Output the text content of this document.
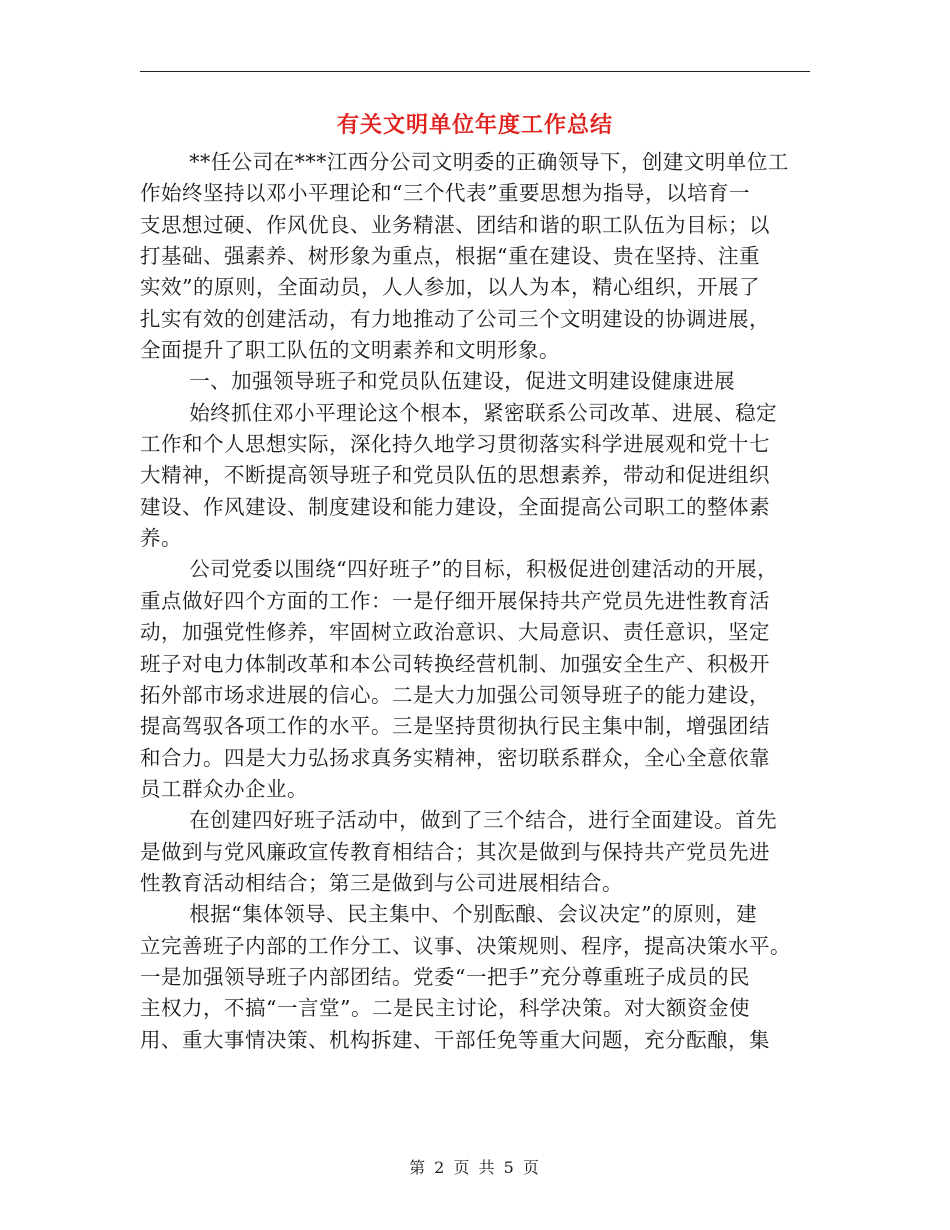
有关文明单位年度工作总结
**任公司在***江西分公司文明委的正确领导下，创建文明单位工
作始终坚持以邓小平理论和“三个代表”重要思想为指导，以培育一
支思想过硬、作风优良、业务精湛、团结和谐的职工队伍为目标；以
打基础、强素养、树形象为重点，根据“重在建设、贵在坚持、注重
实效”的原则，全面动员，人人参加，以人为本，精心组织，开展了
扎实有效的创建活动，有力地推动了公司三个文明建设的协调进展，
全面提升了职工队伍的文明素养和文明形象。
一、加强领导班子和党员队伍建设，促进文明建设健康进展
始终抓住邓小平理论这个根本，紧密联系公司改革、进展、稳定
工作和个人思想实际，深化持久地学习贯彻落实科学进展观和党十七
大精神，不断提高领导班子和党员队伍的思想素养，带动和促进组织
建设、作风建设、制度建设和能力建设，全面提高公司职工的整体素
养。
公司党委以围绕“四好班子”的目标，积极促进创建活动的开展，
重点做好四个方面的工作：一是仔细开展保持共产党员先进性教育活
动，加强党性修养，牢固树立政治意识、大局意识、责任意识，坚定
班子对电力体制改革和本公司转换经营机制、加强安全生产、积极开
拓外部市场求进展的信心。二是大力加强公司领导班子的能力建设，
提高驾驭各项工作的水平。三是坚持贯彻执行民主集中制，增强团结
和合力。四是大力弘扬求真务实精神，密切联系群众，全心全意依靠
员工群众办企业。
在创建四好班子活动中，做到了三个结合，进行全面建设。首先
是做到与党风廉政宣传教育相结合；其次是做到与保持共产党员先进
性教育活动相结合；第三是做到与公司进展相结合。
根据“集体领导、民主集中、个别酝酿、会议决定”的原则，建
立完善班子内部的工作分工、议事、决策规则、程序，提高决策水平。
一是加强领导班子内部团结。党委“一把手”充分尊重班子成员的民
主权力，不搞“一言堂”。二是民主讨论，科学决策。对大额资金使
用、重大事情决策、机构拆建、干部任免等重大问题，充分酝酿，集
第 2 页 共 5 页
